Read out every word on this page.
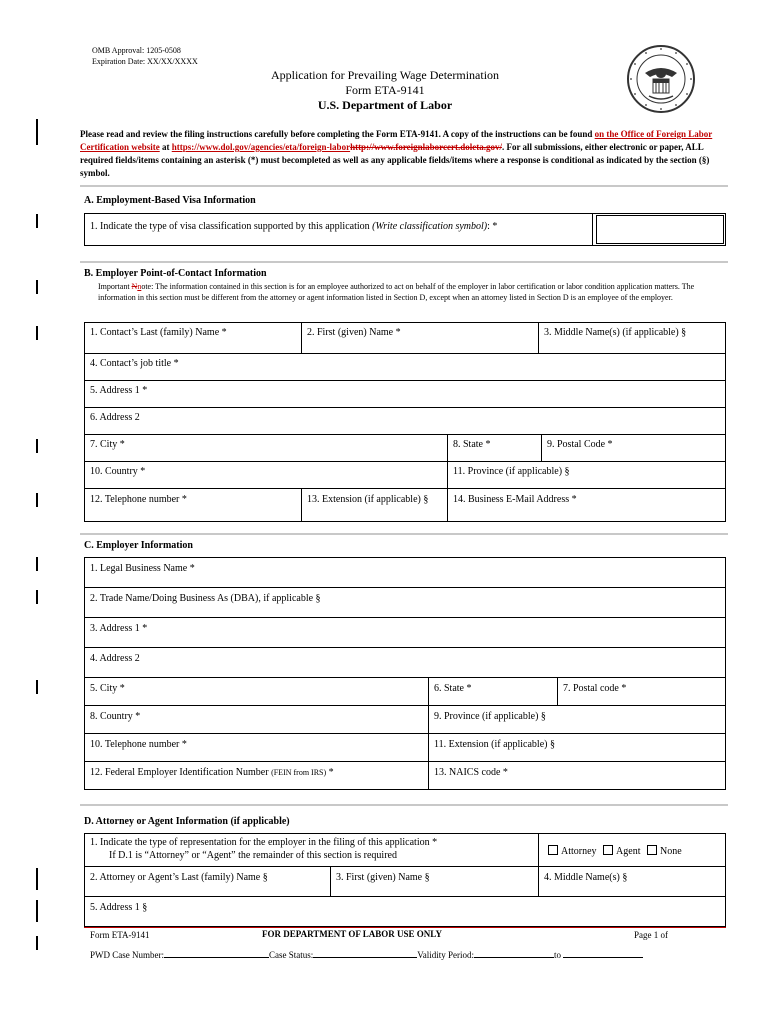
OMB Approval: 1205-0508
Expiration Date: XX/XX/XXXX
Application for Prevailing Wage Determination
Form ETA-9141
U.S. Department of Labor
Please read and review the filing instructions carefully before completing the Form ETA-9141. A copy of the instructions can be found on the Office of Foreign Labor Certification website at https://www.dol.gov/agencies/eta/foreign-laborhttp://www.foreignlaborcert.doleta.gov/. For all submissions, either electronic or paper, ALL required fields/items containing an asterisk (*) must becompleted as well as any applicable fields/items where a response is conditional as indicated by the section (§) symbol.
A. Employment-Based Visa Information
1. Indicate the type of visa classification supported by this application (Write classification symbol): *
B. Employer Point-of-Contact Information
Important Nnote: The information contained in this section is for an employee authorized to act on behalf of the employer in labor certification or labor condition application matters. The information in this section must be different from the attorney or agent information listed in Section D, except when an attorney listed in Section D is an employee of the employer.
1. Contact’s Last (family) Name *	2. First (given) Name *	3. Middle Name(s) (if applicable) §
4. Contact’s job title *
5. Address 1 *
6. Address 2
7. City *	8. State *	9. Postal Code *
10. Country *	11. Province (if applicable) §
12. Telephone number *	13. Extension (if applicable) §	14. Business E-Mail Address *
C. Employer Information
1. Legal Business Name *
2. Trade Name/Doing Business As (DBA), if applicable §
3. Address 1 *
4. Address 2
5. City *	6. State *	7. Postal code *
8. Country *	9. Province (if applicable) §
10. Telephone number *	11. Extension (if applicable) §
12. Federal Employer Identification Number (FEIN from IRS) *	13. NAICS code *
D. Attorney or Agent Information (if applicable)
1. Indicate the type of representation for the employer in the filing of this application *
If D.1 is “Attorney” or “Agent” the remainder of this section is required	Attorney Agent None
2. Attorney or Agent’s Last (family) Name §	3. First (given) Name §	4. Middle Name(s) §
5. Address 1 §
Form ETA-9141	FOR DEPARTMENT OF LABOR USE ONLY	Page 1 of
PWD Case Number:	Case Status:	Validity Period:	to
